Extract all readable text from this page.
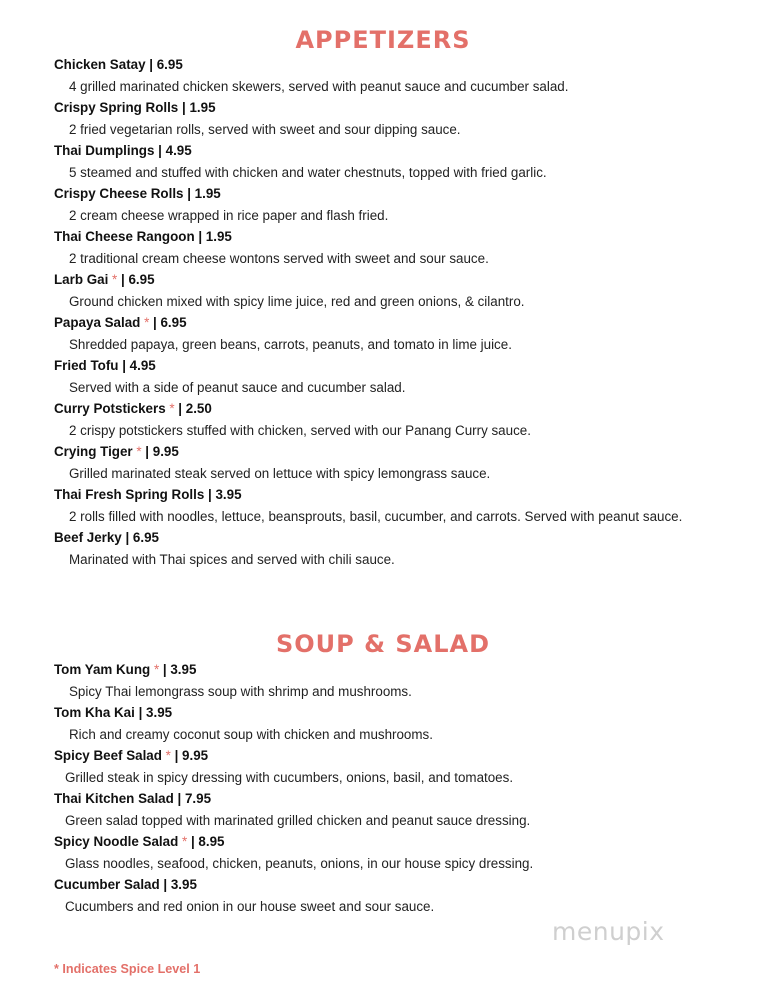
APPETIZERS
Chicken Satay | 6.95
4 grilled marinated chicken skewers, served with peanut sauce and cucumber salad.
Crispy Spring Rolls | 1.95
2 fried vegetarian rolls, served with sweet and sour dipping sauce.
Thai Dumplings | 4.95
5 steamed and stuffed with chicken and water chestnuts, topped with fried garlic.
Crispy Cheese Rolls | 1.95
2 cream cheese wrapped in rice paper and flash fried.
Thai Cheese Rangoon | 1.95
2 traditional cream cheese wontons served with sweet and sour sauce.
Larb Gai * | 6.95
Ground chicken mixed with spicy lime juice, red and green onions, & cilantro.
Papaya Salad * | 6.95
Shredded papaya, green beans, carrots, peanuts, and tomato in lime juice.
Fried Tofu | 4.95
Served with a side of peanut sauce and cucumber salad.
Curry Potstickers * | 2.50
2 crispy potstickers stuffed with chicken, served with our Panang Curry sauce.
Crying Tiger * | 9.95
Grilled marinated steak served on lettuce with spicy lemongrass sauce.
Thai Fresh Spring Rolls | 3.95
2 rolls filled with noodles, lettuce, beansprouts, basil, cucumber, and carrots. Served with peanut sauce.
Beef Jerky | 6.95
Marinated with Thai spices and served with chili sauce.
SOUP & SALAD
Tom Yam Kung * | 3.95
Spicy Thai lemongrass soup with shrimp and mushrooms.
Tom Kha Kai | 3.95
Rich and creamy coconut soup with chicken and mushrooms.
Spicy Beef Salad * | 9.95
Grilled steak in spicy dressing with cucumbers, onions, basil, and tomatoes.
Thai Kitchen Salad | 7.95
Green salad topped with marinated grilled chicken and peanut sauce dressing.
Spicy Noodle Salad * | 8.95
Glass noodles, seafood, chicken, peanuts, onions, in our house spicy dressing.
Cucumber Salad | 3.95
Cucumbers and red onion in our house sweet and sour sauce.
* Indicates Spice Level 1
menupix
